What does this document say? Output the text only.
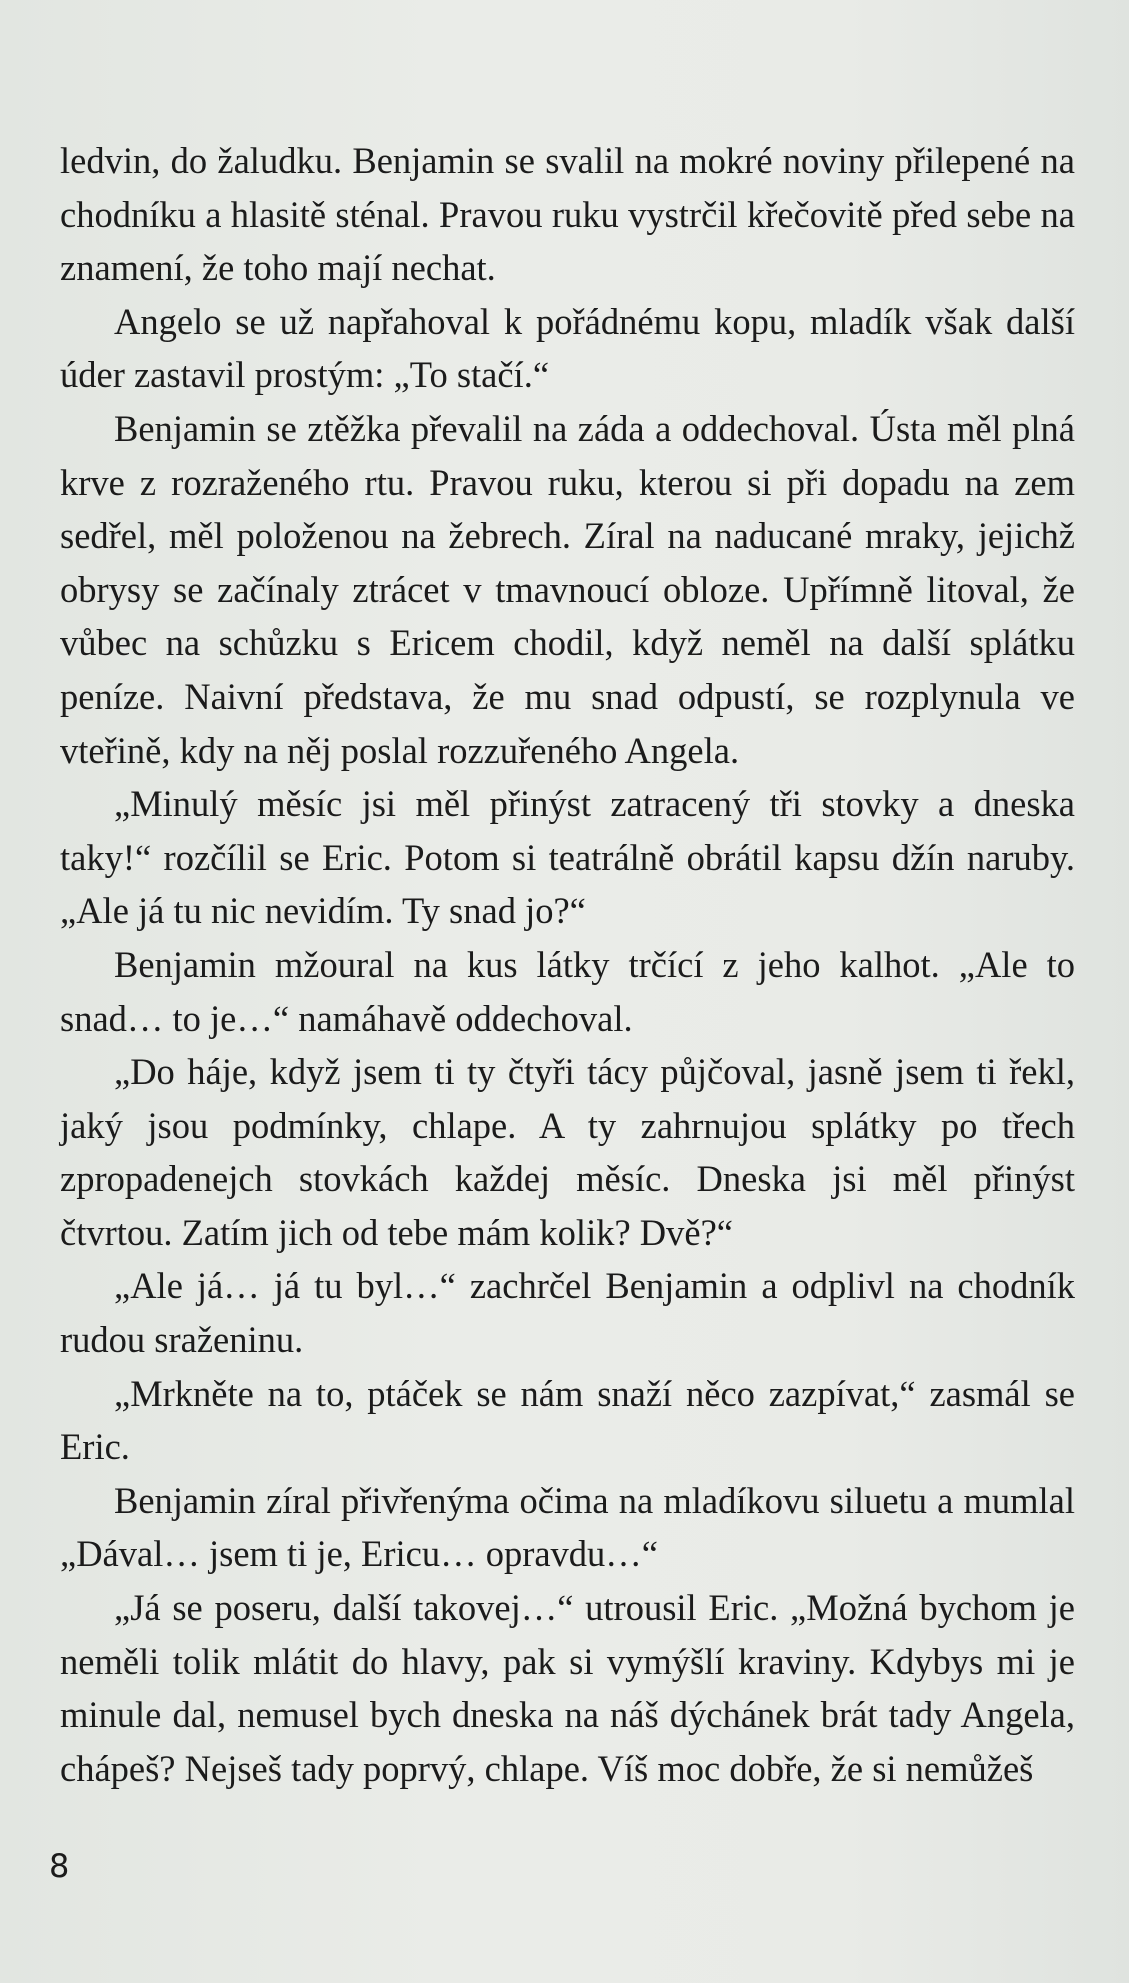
ledvin, do žaludku. Benjamin se svalil na mokré noviny přilepené na chodníku a hlasitě sténal. Pravou ruku vystrčil křečovitě před sebe na znamení, že toho mají nechat.

Angelo se už napřahoval k pořádnému kopu, mladík však další úder zastavil prostým: „To stačí.“

Benjamin se ztěžka převalil na záda a oddechoval. Ústa měl plná krve z rozraženého rtu. Pravou ruku, kterou si při dopadu na zem sedřel, měl položenou na žebrech. Zíral na naducané mraky, jejichž obrysy se začínaly ztrácet v tmavnoucí obloze. Upřímně litoval, že vůbec na schůzku s Ericem chodil, když neměl na další splátku peníze. Naivní představa, že mu snad odpustí, se rozplynula ve vteřině, kdy na něj poslal rozzuřeného Angela.

„Minulý měsíc jsi měl přinýst zatracený tři stovky a dneska taky!“ rozčílil se Eric. Potom si teatrálně obrátil kapsu džín naruby. „Ale já tu nic nevidím. Ty snad jo?“

Benjamin mžoural na kus látky trčící z jeho kalhot. „Ale to snad… to je…“ namáhavě oddechoval.

„Do háje, když jsem ti ty čtyři tácy půjčoval, jasně jsem ti řekl, jaký jsou podmínky, chlape. A ty zahrnujou splátky po třech zpropadenejch stovkách každej měsíc. Dneska jsi měl přinýst čtvrtou. Zatím jich od tebe mám kolik? Dvě?“

„Ale já… já tu byl…“ zachrčel Benjamin a odplivl na chodník rudou sraženinu.

„Mrkněte na to, ptáček se nám snaží něco zazpívat,“ zasmál se Eric.

Benjamin zíral přivřenýma očima na mladíkovu siluetu a mumlal „Dával… jsem ti je, Ericu… opravdu…“

„Já se poseru, další takovej…“ utrousil Eric. „Možná bychom je neměli tolik mlátit do hlavy, pak si vymýšlí kraviny. Kdybys mi je minule dal, nemusel bych dneska na náš dýchánek brát tady Angela, chápeš? Nejseš tady poprvý, chlape. Víš moc dobře, že si nemůžeš

8
